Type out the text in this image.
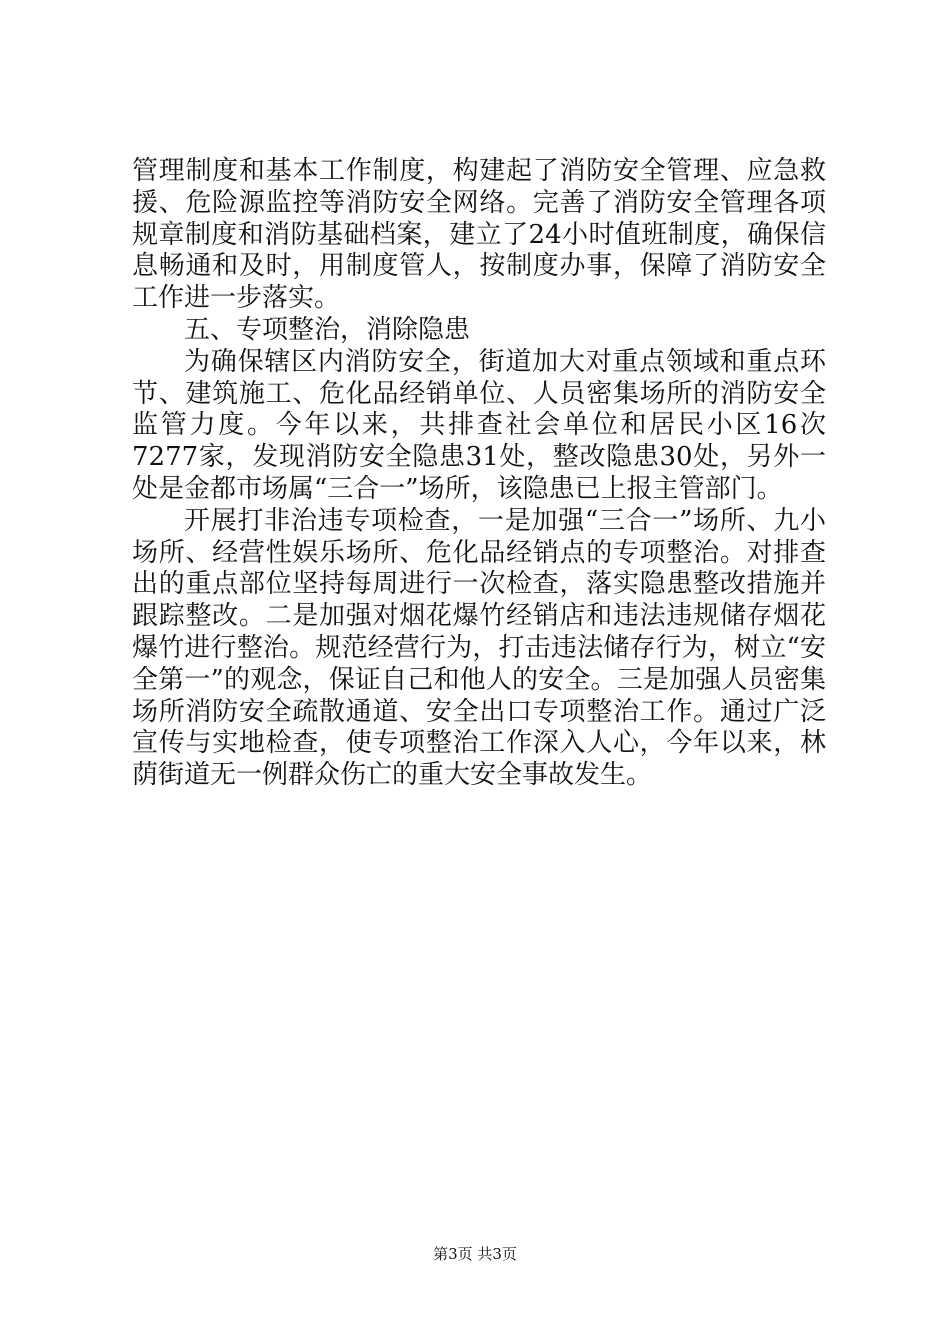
管理制度和基本工作制度，构建起了消防安全管理、应急救援、危险源监控等消防安全网络。完善了消防安全管理各项规章制度和消防基础档案，建立了24小时值班制度，确保信息畅通和及时，用制度管人，按制度办事，保障了消防安全工作进一步落实。

五、专项整治，消除隐患

为确保辖区内消防安全，街道加大对重点领域和重点环节、建筑施工、危化品经销单位、人员密集场所的消防安全监管力度。今年以来，共排查社会单位和居民小区16次7277家，发现消防安全隐患31处，整改隐患30处，另外一处是金都市场属“三合一”场所，该隐患已上报主管部门。

开展打非治违专项检查，一是加强“三合一”场所、九小场所、经营性娱乐场所、危化品经销点的专项整治。对排查出的重点部位坚持每周进行一次检查，落实隐患整改措施并跟踪整改。二是加强对烟花爆竹经销店和违法违规储存烟花爆竹进行整治。规范经营行为，打击违法储存行为，树立“安全第一”的观念，保证自己和他人的安全。三是加强人员密集场所消防安全疏散通道、安全出口专项整治工作。通过广泛宣传与实地检查，使专项整治工作深入人心，今年以来，林荫街道无一例群众伤亡的重大安全事故发生。

第3页 共3页
